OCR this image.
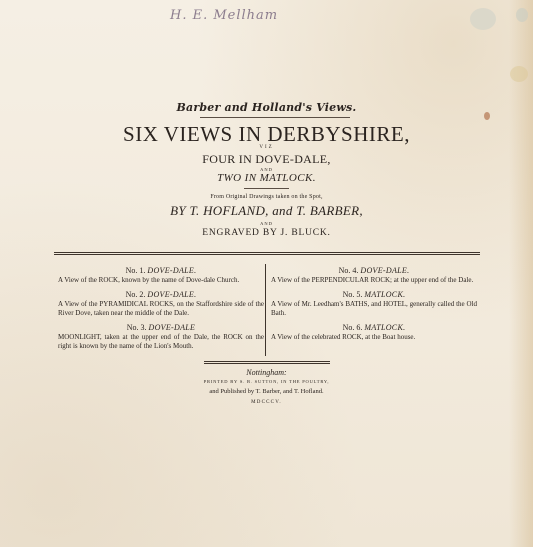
H. E. Mellham
Barber and Holland's Views.
SIX VIEWS IN DERBYSHIRE,
VIZ
FOUR IN DOVE-DALE,
AND
TWO IN MATLOCK.
From Original Drawings taken on the Spot,
BY T. HOFLAND, and T. BARBER,
AND
ENGRAVED BY J. BLUCK.
No. 1. DOVE-DALE.
A View of the ROCK, known by the name of Dove-dale Church.
No. 2. DOVE-DALE.
A View of the PYRAMIDICAL ROCKS, on the Staffordshire side of the River Dove, taken near the middle of the Dale.
No. 3. DOVE-DALE
MOONLIGHT, taken at the upper end of the Dale, the ROCK on the right is known by the name of the Lion's Mouth.
No. 4. DOVE-DALE.
A View of the PERPENDICULAR ROCK; at the upper end of the Dale.
No. 5. MATLOCK.
A View of Mr. Leedham's BATHS, and HOTEL, generally called the Old Bath.
No. 6. MATLOCK.
A View of the celebrated ROCK, at the Boat house.
Nottingham:
PRINTED BY S. B. SUTTON, IN THE POULTRY,
and Published by T. Barber, and T. Hofland.
MDCCCV.
